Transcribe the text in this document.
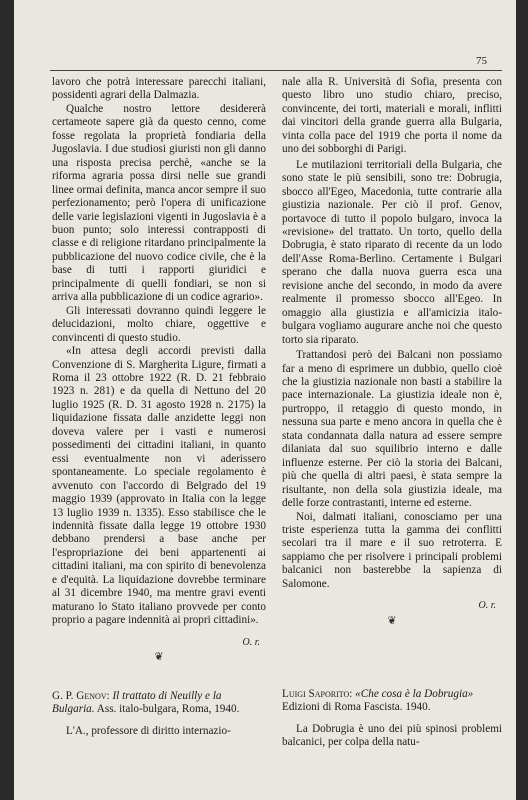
75

lavoro che potrà interessare parecchi italiani, possidenti agrari della Dalmazia.

Qualche nostro lettore desidererà certameote sapere già da questo cenno, come fosse regolata la proprietà fondiaria della Jugoslavia. I due studiosi giuristi non gli danno una risposta precisa perchè, «anche se la riforma agraria possa dirsi nelle sue grandi linee ormai definita, manca ancor sempre il suo perfezionamento; però l'opera di unificazione delle varie legislazioni vigenti in Jugoslavia è a buon punto; solo interessi contrapposti di classe e di religione ritardano principalmente la pubblicazione del nuovo codice civile, che è la base di tutti i rapporti giuridici e principalmente di quelli fondiari, se non si arriva alla pubblicazione di un codice agrario».

Gli interessati dovranno quindi leggere le delucidazioni, molto chiare, oggettive e convincenti di questo studio.

«In attesa degli accordi previsti dalla Convenzione di S. Margherita Ligure, firmati a Roma il 23 ottobre 1922 (R. D. 21 febbraio 1923 n. 281) e da quella di Nettuno del 20 luglio 1925 (R. D. 31 agosto 1928 n. 2175) la liquidazione fissata dalle anzidette leggi non doveva valere per i vasti e numerosi possedimenti dei cittadini italiani, in quanto essi eventualmente non vi aderissero spontaneamente. Lo speciale regolamento è avvenuto con l'accordo di Belgrado del 19 maggio 1939 (approvato in Italia con la legge 13 luglio 1939 n. 1335). Esso stabilisce che le indennità fissate dalla legge 19 ottobre 1930 debbano prendersi a base anche per l'espropriazione dei beni appartenenti ai cittadini italiani, ma con spirito di benevolenza e d'equità. La liquidazione dovrebbe terminare al 31 dicembre 1940, ma mentre gravi eventi maturano lo Stato italiano provvede per conto proprio a pagare indennità ai propri cittadini».

O. r.
❦

nale alla R. Università di Sofia, presenta con questo libro uno studio chiaro, preciso, convincente, dei torti, materiali e morali, inflitti dai vincitori della grande guerra alla Bulgaria, vinta colla pace del 1919 che porta il nome da uno dei sobborghi di Parigi.

Le mutilazioni territoriali della Bulgaria, che sono state le più sensibili, sono tre: Dobrugia, sbocco all'Egeo, Macedonia, tutte contrarie alla giustizia nazionale. Per ciò il prof. Genov, portavoce di tutto il popolo bulgaro, invoca la «revisione» del trattato. Un torto, quello della Dobrugia, è stato riparato di recente da un lodo dell'Asse Roma-Berlino. Certamente i Bulgari sperano che dalla nuova guerra esca una revisione anche del secondo, in modo da avere realmente il promesso sbocco all'Egeo. In omaggio alla giustizia e all'amicizia italo-bulgara vogliamo augurare anche noi che questo torto sia riparato.

Trattandosi però dei Balcani non possiamo far a meno di esprimere un dubbio, quello cioè che la giustizia nazionale non basti a stabilire la pace internazionale. La giustizia ideale non è, purtroppo, il retaggio di questo mondo, in nessuna sua parte e meno ancora in quella che è stata condannata dalla natura ad essere sempre dilaniata dal suo squilibrio interno e dalle influenze esterne. Per ciò la storia dei Balcani, più che quella di altri paesi, è stata sempre la risultante, non della sola giustizia ideale, ma delle forze contrastanti, interne ed esterne.

Noi, dalmati italiani, conosciamo per una triste esperienza tutta la gamma dei conflitti secolari tra il mare e il suo retroterra. E sappiamo che per risolvere i principali problemi balcanici non basterebbe la sapienza di Salomone.

O. r.
❦

G. P. Genov: Il trattato di Neuilly e la Bulgaria. Ass. italo-bulgara, Roma, 1940.

L'A., professore di diritto internazio-

Luigi Saporito: «Che cosa è la Dobrugia»

Edizioni di Roma Fascista. 1940.

La Dobrugia è uno dei più spinosi problemi balcanici, per colpa della natu-
